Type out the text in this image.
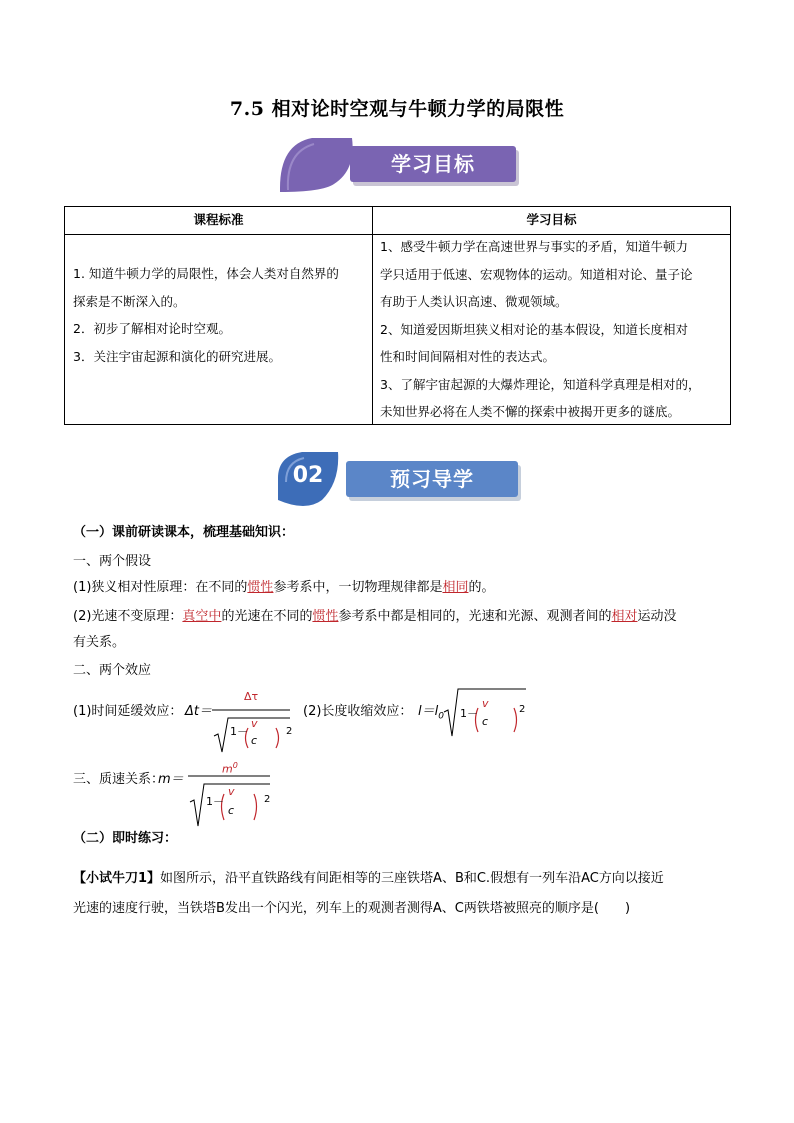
7.5 相对论时空观与牛顿力学的局限性
学习目标
课程标准	学习目标
1. 知道牛顿力学的局限性，体会人类对自然界的
探索是不断深入的。
2．初步了解相对论时空观。
3．关注宇宙起源和演化的研究进展。
1、感受牛顿力学在高速世界与事实的矛盾，知道牛顿力
学只适用于低速、宏观物体的运动。知道相对论、量子论
有助于人类认识高速、微观领域。
2、知道爱因斯坦狭义相对论的基本假设，知道长度相对
性和时间间隔相对性的表达式。
3、了解宇宙起源的大爆炸理论，知道科学真理是相对的，
未知世界必将在人类不懈的探索中被揭开更多的谜底。
02	预习导学
（一）课前研读课本，梳理基础知识：
一、两个假设
(1)狭义相对性原理：在不同的惯性参考系中，一切物理规律都是相同的。
(2)光速不变原理：真空中的光速在不同的惯性参考系中都是相同的，光速和光源、观测者间的相对运动没
有关系。
二、两个效应
(1)时间延缓效应： Δt＝
Δτ
1－
v
c
2
(2)长度收缩效应： $l=l_0$ 1－
v
c
2
三、质速关系：
m＝
$m^0$
1－
v
c
2
（二）即时练习：
【小试牛刀1】如图所示，沿平直铁路线有间距相等的三座铁塔A、B和C.假想有一列车沿AC方向以接近
光速的速度行驶，当铁塔B发出一个闪光，列车上的观测者测得A、C两铁塔被照亮的顺序是(　　)
